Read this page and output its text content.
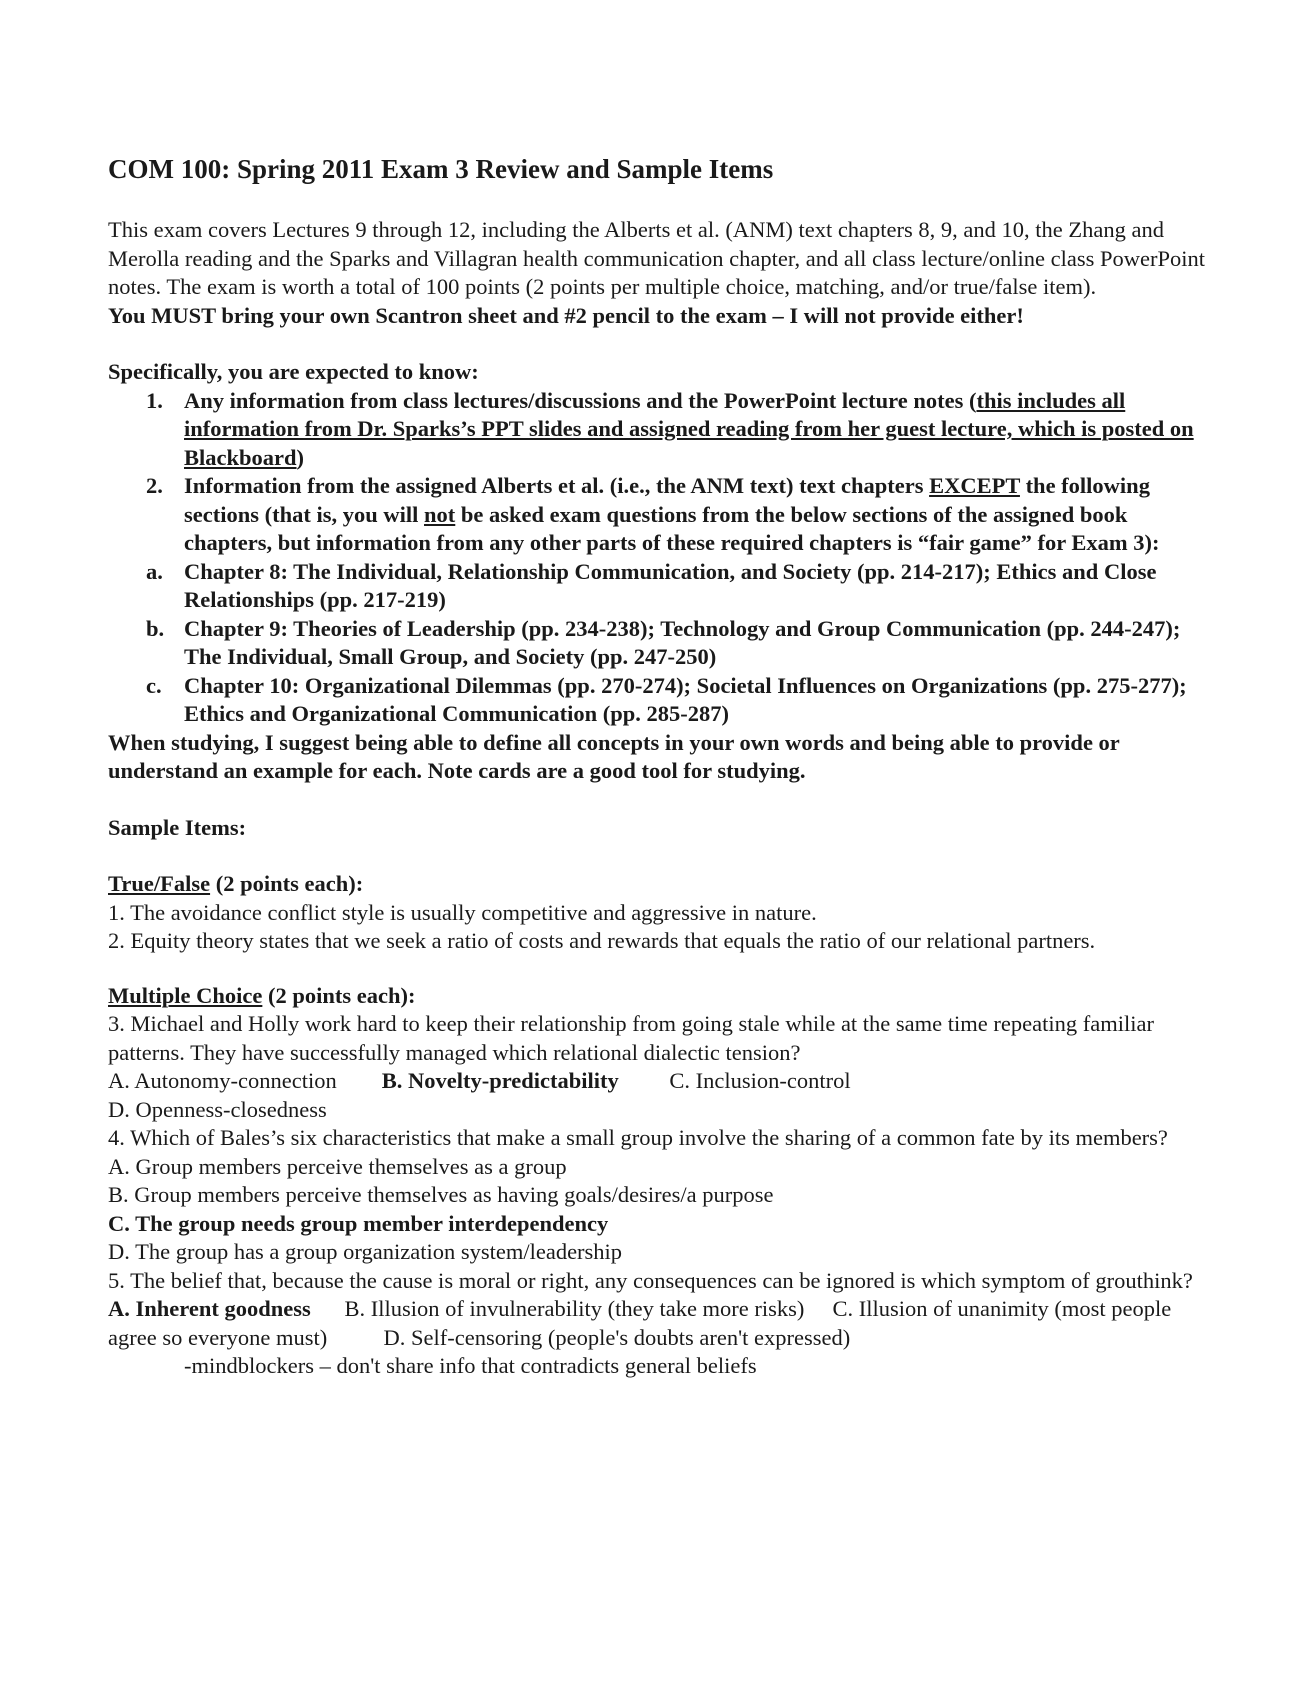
COM 100: Spring 2011 Exam 3 Review and Sample Items

This exam covers Lectures 9 through 12, including the Alberts et al. (ANM) text chapters 8, 9, and 10, the Zhang and Merolla reading and the Sparks and Villagran health communication chapter, and all class lecture/online class PowerPoint notes. The exam is worth a total of 100 points (2 points per multiple choice, matching, and/or true/false item).

You MUST bring your own Scantron sheet and #2 pencil to the exam – I will not provide either!

Specifically, you are expected to know:

1. Any information from class lectures/discussions and the PowerPoint lecture notes (this includes all information from Dr. Sparks’s PPT slides and assigned reading from her guest lecture, which is posted on Blackboard)
2. Information from the assigned Alberts et al. (i.e., the ANM text) text chapters EXCEPT the following sections (that is, you will not be asked exam questions from the below sections of the assigned book chapters, but information from any other parts of these required chapters is “fair game” for Exam 3):
a. Chapter 8: The Individual, Relationship Communication, and Society (pp. 214-217); Ethics and Close Relationships (pp. 217-219)
b. Chapter 9: Theories of Leadership (pp. 234-238); Technology and Group Communication (pp. 244-247); The Individual, Small Group, and Society (pp. 247-250)
c. Chapter 10: Organizational Dilemmas (pp. 270-274); Societal Influences on Organizations (pp. 275-277); Ethics and Organizational Communication (pp. 285-287)

When studying, I suggest being able to define all concepts in your own words and being able to provide or understand an example for each. Note cards are a good tool for studying.

Sample Items:

True/False (2 points each):

1. The avoidance conflict style is usually competitive and aggressive in nature.

2. Equity theory states that we seek a ratio of costs and rewards that equals the ratio of our relational partners.

Multiple Choice (2 points each):

3. Michael and Holly work hard to keep their relationship from going stale while at the same time repeating familiar patterns. They have successfully managed which relational dialectic tension?

A. Autonomy-connection B. Novelty-predictability C. Inclusion-control

D. Openness-closedness

4. Which of Bales’s six characteristics that make a small group involve the sharing of a common fate by its members?

A. Group members perceive themselves as a group

B. Group members perceive themselves as having goals/desires/a purpose

C. The group needs group member interdependency

D. The group has a group organization system/leadership

5. The belief that, because the cause is moral or right, any consequences can be ignored is which symptom of grouthink?

A. Inherent goodness B. Illusion of invulnerability (they take more risks) C. Illusion of unanimity (most people agree so everyone must)	D. Self-censoring (people's doubts aren't expressed)

-mindblockers – don't share info that contradicts general beliefs
